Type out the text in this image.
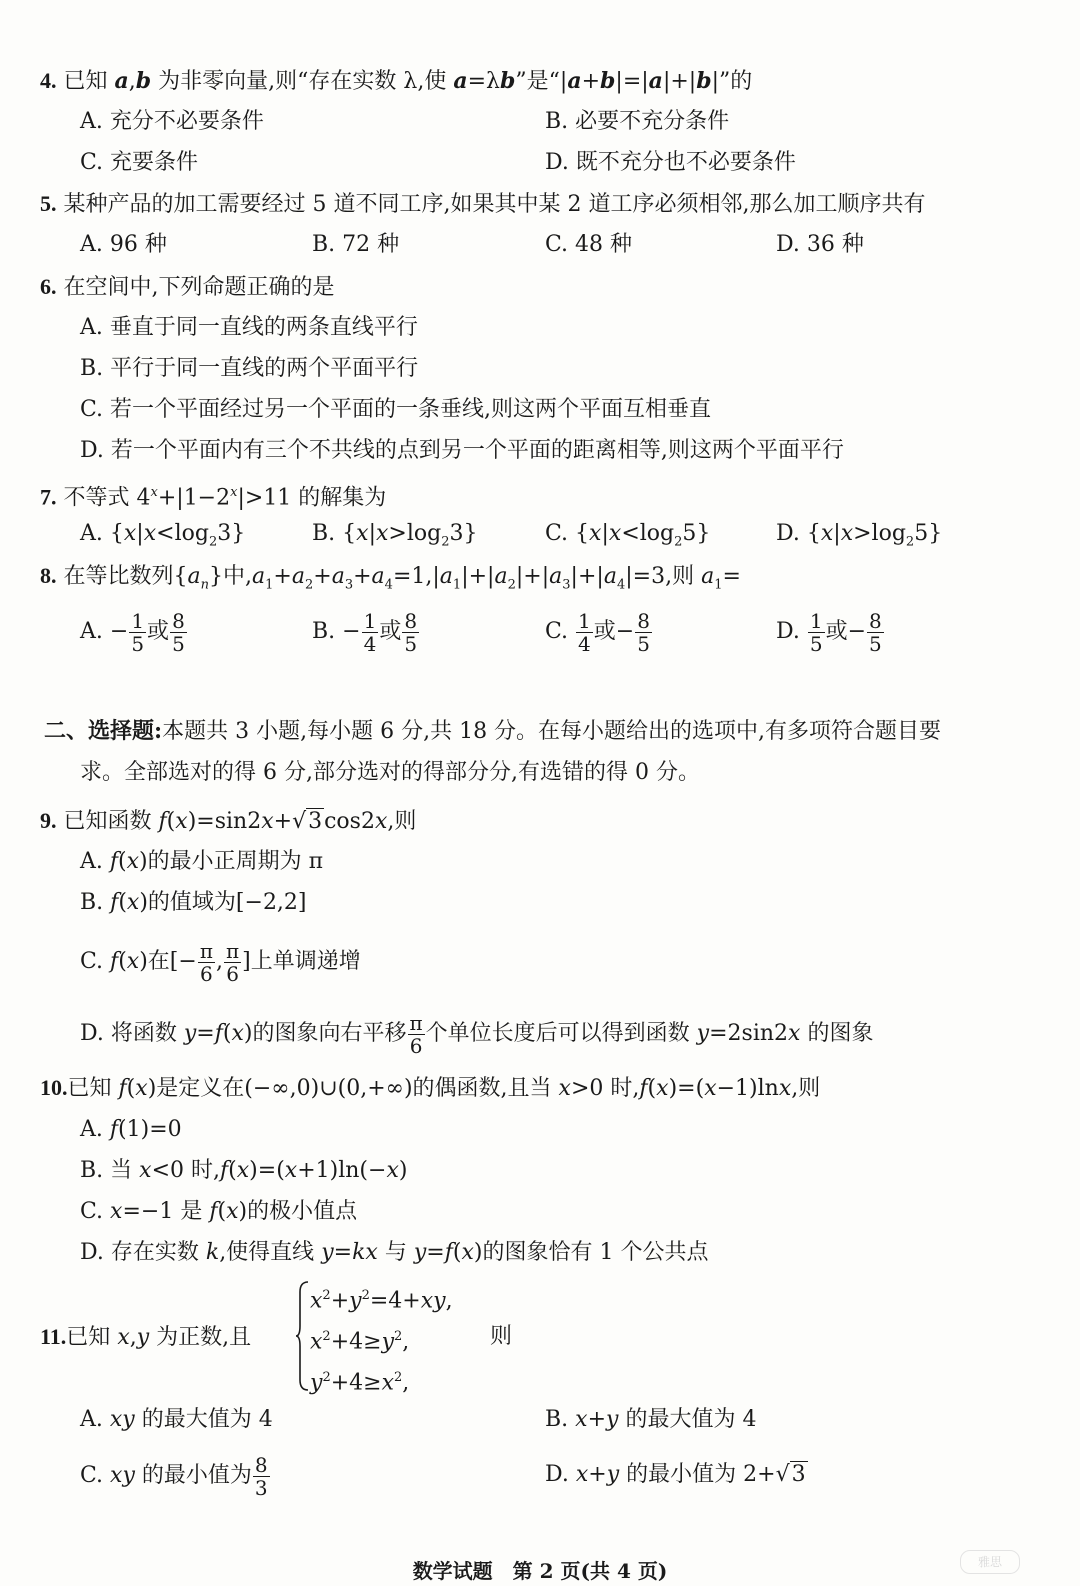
4. 已知 a,b 为非零向量,则“存在实数 λ,使 a=λb”是“|a+b|=|a|+|b|”的
A. 充分不必要条件	B. 必要不充分条件
C. 充要条件	D. 既不充分也不必要条件
5. 某种产品的加工需要经过 5 道不同工序,如果其中某 2 道工序必须相邻,那么加工顺序共有
A. 96 种	B. 72 种	C. 48 种	D. 36 种
6. 在空间中,下列命题正确的是
A. 垂直于同一直线的两条直线平行
B. 平行于同一直线的两个平面平行
C. 若一个平面经过另一个平面的一条垂线,则这两个平面互相垂直
D. 若一个平面内有三个不共线的点到另一个平面的距离相等,则这两个平面平行
7. 不等式 $4^x+|1-2^x|>11$ 的解集为
A. $\{x|x<\log_23\}$	B. $\{x|x>\log_23\}$	C. $\{x|x<\log_25\}$	D. $\{x|x>\log_25\}$
8. 在等比数列$\{a_n\}$中$,a_1+a_2+a_3+a_4=1,|a_1|+|a_2|+|a_3|+|a_4|=3$,则 $a_1=$
A. − $\frac{1}{5}$ 或 $\frac{8}{5}$	B. − $\frac{1}{4}$ 或 $\frac{8}{5}$	C. $\frac{1}{4}$ 或− $\frac{8}{5}$	D. $\frac{1}{5}$ 或− $\frac{8}{5}$
二、选择题:本题共 3 小题,每小题 6 分,共 18 分。在每小题给出的选项中,有多项符合题目要
求。全部选对的得 6 分,部分选对的得部分分,有选错的得 0 分。
9. 已知函数 f(x)=sin2x+√3cos2x,则
A. f(x)的最小正周期为 π
B. f(x)的值域为[−2,2]
C. f(x)在[− $\frac{\pi}{6}$ , $\frac{\pi}{6}$ ]上单调递增
D. 将函数 y=f(x)的图象向右平移 $\frac{\pi}{6}$ 个单位长度后可以得到函数 y=2sin2x 的图象
10.已知 f(x)是定义在(−∞,0)∪(0,+∞)的偶函数,且当 x>0 时,f(x)=(x−1)lnx,则
A. f(1)=0
B. 当 x<0 时,f(x)=(x+1)ln(−x)
C. x=−1 是 f(x)的极小值点
D. 存在实数 k,使得直线 y=kx 与 y=f(x)的图象恰有 1 个公共点
11.已知 x,y 为正数,且
$x^2+y^2=4+xy$,
$x^2+4\ge y^2$,
$y^2+4\ge x^2$,
则
A. xy 的最大值为 4	B. x+y 的最大值为 4
C. xy 的最小值为 $\frac{8}{3}$	D. x+y 的最小值为 2+√3
数学试题　第 2 页(共 4 页)	雅思
